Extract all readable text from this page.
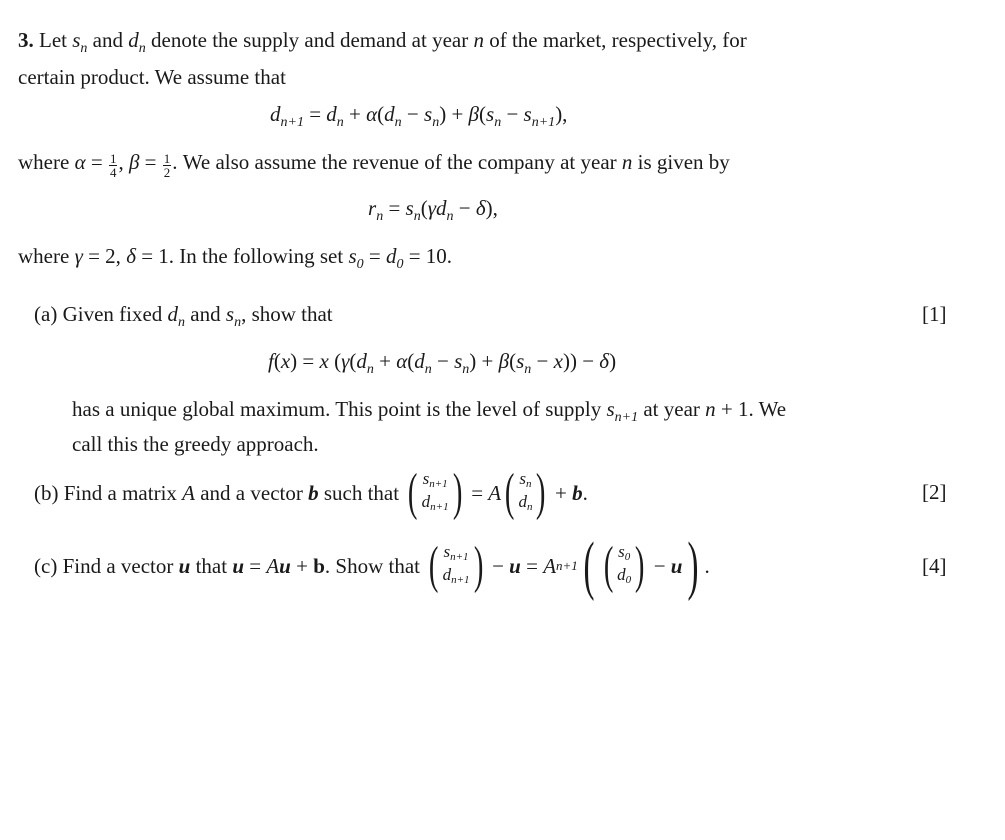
3. Let $s_n$ and $d_n$ denote the supply and demand at year n of the market, respectively, for
certain product. We assume that
$d_{n+1} = d_n + \alpha(d_n - s_n) + \beta(s_n - s_{n+1})$,
where $\alpha = \frac{1}{4}$ , $\beta = \frac{1}{2}$ . We also assume the revenue of the company at year n is given by
$r_n = s_n(\gamma d_n - \delta)$,
where γ = 2, δ = 1. In the following set $s_0 = d_0 = 10$.
(a) Given fixed $d_n$ and $s_n$, show that	[1]
f(x) = x $(\gamma(d_n + \alpha(d_n - s_n) + \beta(s_n - x)) - \delta)$
has a unique global maximum. This point is the level of supply $s_{n+1}$ at year n + 1. We
call this the greedy approach.
(b) Find a matrix A and a vector b such that ( sn+1
dn+1 ) = A ( sn
dn ) + b .	[2]
(c) Find a vector u that u = A u + b . Show that ( sn+1
dn+1 ) − u = A n+1 ( ( s0
d0 ) − u ) .	[4]
